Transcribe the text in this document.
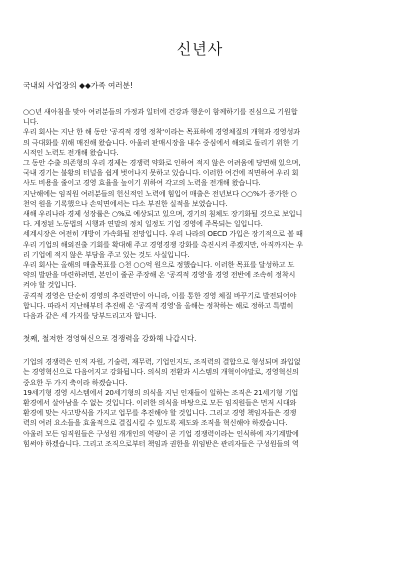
신년사
국내외 사업장의 ◆◆가족 여러분!

○○년 새아침을 맞아 여러분들의 가정과 일터에 건강과 행운이 함께하기를 진심으로 기원합
니다.

우리 회사는 지난 한 해 동안 '공격적 경영 정착'이라는 목표하에 경영체질의 개혁과 경영성과
의 극대화를 위해 매진해 왔습니다. 아울러 판매시장을 내수 중심에서 해외로 돌리기 위한 기
시적인 노력도 전개해 왔습니다.

그 동안 수출 의존형의 우리 경제는 경쟁력 약화로 인하여 적지 않은 어려움에 당면해 있으며,
국내 경기는 불황의 터널을 쉽게 벗어나지 못하고 있습니다. 이러한 여건에 직면하여 우리 회
사도 비용을 줄이고 경영 효율을 높이기 위하여 각고의 노력을 전개해 왔습니다.

지난해에는 임직원 여러분들의 헌신적인 노력에 힘입어 매출은 전년보다 ○○%가 증가한 ○
천억 원을 기록했으나 손익면에서는 다소 부진한 실적을 보였습니다.

새해 우리나라 경제 성장률은 ○%로 예상되고 있으며, 경기의 침체도 장기화될 것으로 보입니
다. 게정된 노동법의 시행과 연말의 정치 일정도 기업 경영에 주목되는 일입니다.

세계시장은 여전히 개방이 가속화될 전망입니다. 우리 나라의 OECD 가입은 장기적으로 볼 때
우리 기업의 해외진출 기회를 확대해 주고 경영경쟁 강화를 촉진시켜 주겠지만, 아직까지는 우
리 기업에 적지 않은 부담을 주고 있는 것도 사실입니다.

우리 회사는 올해의 매출목표를 ○천 ○○억 원으로 정했습니다. 이러한 목표를 달성하고 도
약의 발판을 마련하려면, 본인이 줄곧 주장해 온 '공격적 경영'을 경영 전반에 조속히 정착시
켜야 할 것입니다.

공격적 경영은 단순히 경영의 추진력만이 아니라, 이를 통한 경영 체질 바꾸기로 발전되어야
합니다. 따라서 지난해부터 추진해 온 '공격적 경영'을 올해는 정착하는 해로 정하고 특별히
다음과 같은 세 가지를 당부드리고자 합니다.

첫째, 철저한 경영혁신으로 경쟁력을 강화해 나갑시다.

기업의 경쟁력은 인적 자원, 기술력, 재무력, 기업인지도, 조직력의 결합으로 형성되며 좌입없
는 경영혁신으로 다음어지고 강화됩니다. 의식의 전환과 시스템의 개혁이야말로, 경영혁신의
중요한 두 가지 축이라 하겠습니다.

19세기형 경영 시스템에서 20세기형의 의식을 지닌 인재들이 일하는 조직은 21세기형 기업
환경에서 살아남을 수 없는 것입니다. 이러한 의식을 바탕으로 모든 임직원들은 먼저 시대와
환경에 맞는 사고방식을 가지고 업무를 추진해야 할 것입니다. 그리고 경영 책임자들은 경쟁
력의 여러 요소들을 효율적으로 결집시킬 수 있도록 제도와 조직을 혁신해야 하겠습니다.

아울러 모든 임직원들은 구성원 개개인의 역량이 곧 기업 경쟁력이라는 인식하에 자기계발에
힘써야 하겠습니다. 그리고 조직으로부터 책임과 권한을 위임받은 관리자들은 구성원들의 역
